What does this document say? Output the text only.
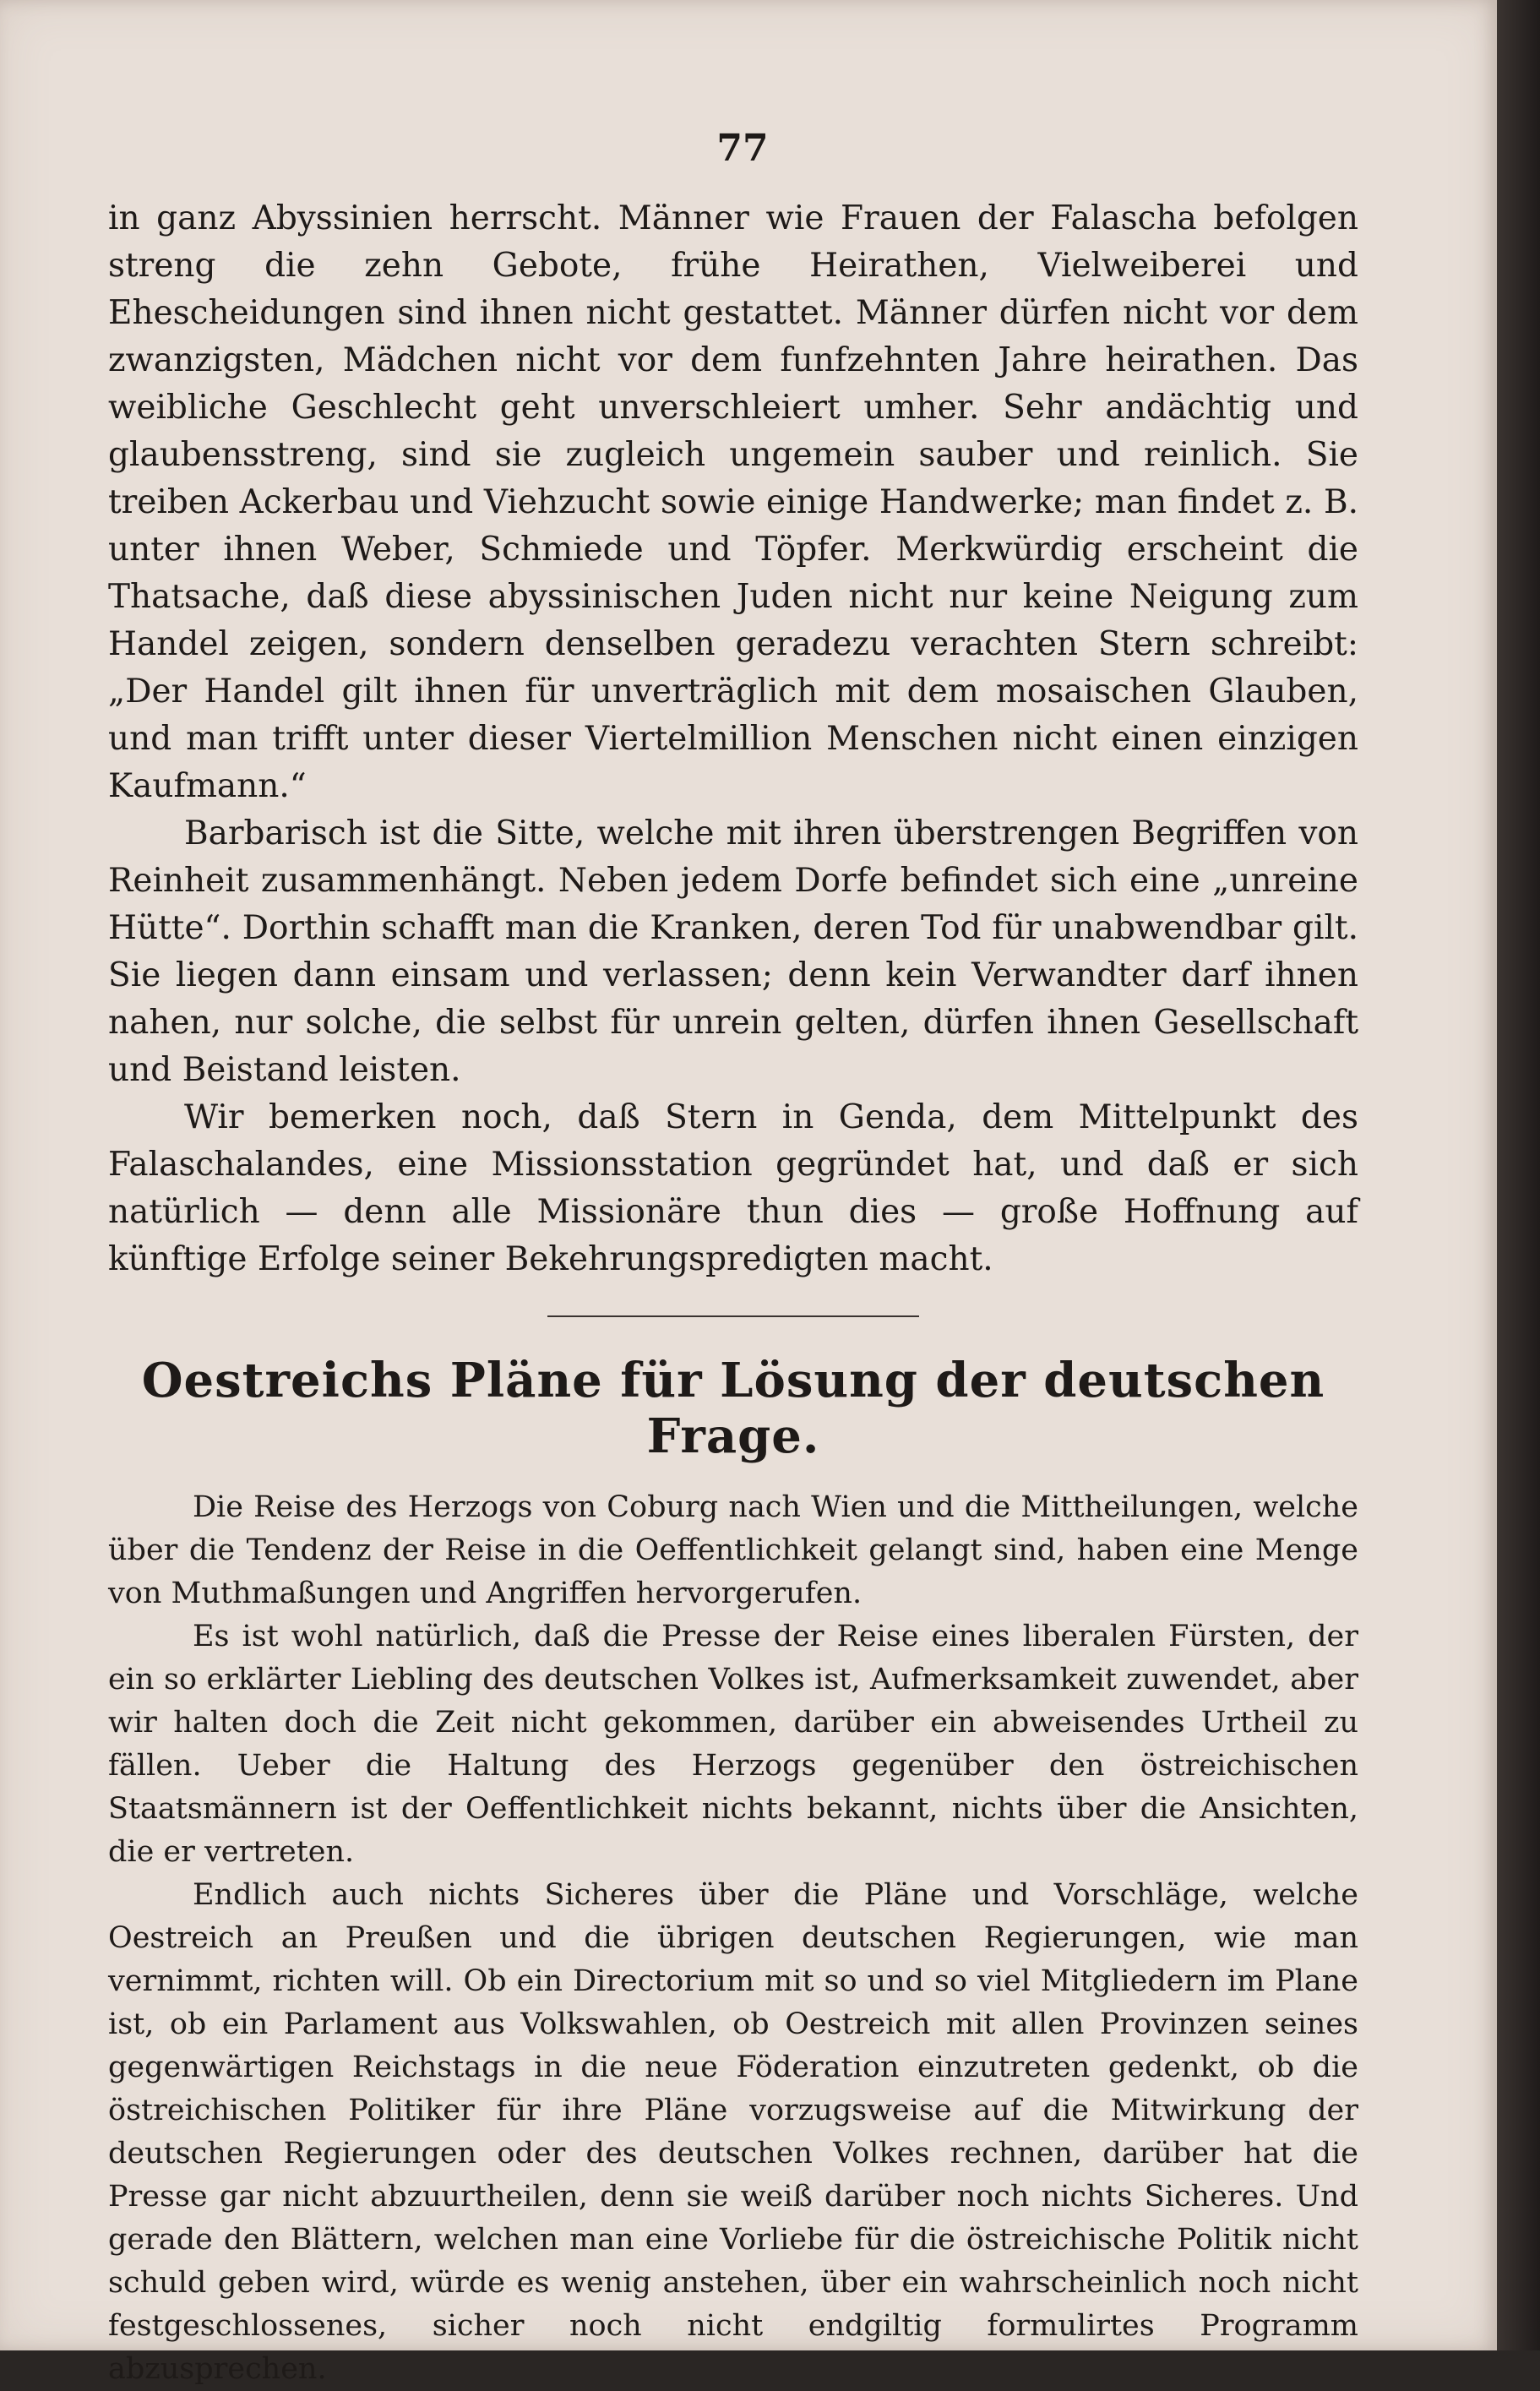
77

in ganz Abyssinien herrscht. Männer wie Frauen der Falascha befolgen streng die zehn Gebote, frühe Heirathen, Vielweiberei und Ehescheidungen sind ihnen nicht gestattet. Männer dürfen nicht vor dem zwanzigsten, Mädchen nicht vor dem funfzehnten Jahre heirathen. Das weibliche Geschlecht geht unverschleiert umher. Sehr andächtig und glaubensstreng, sind sie zugleich ungemein sauber und reinlich. Sie treiben Ackerbau und Viehzucht sowie einige Handwerke; man findet z. B. unter ihnen Weber, Schmiede und Töpfer. Merkwürdig erscheint die Thatsache, daß diese abyssinischen Juden nicht nur keine Neigung zum Handel zeigen, sondern denselben geradezu verachten Stern schreibt: „Der Handel gilt ihnen für unverträglich mit dem mosaischen Glauben, und man trifft unter dieser Viertelmillion Menschen nicht einen einzigen Kaufmann.“

Barbarisch ist die Sitte, welche mit ihren überstrengen Begriffen von Reinheit zusammenhängt. Neben jedem Dorfe befindet sich eine „unreine Hütte“. Dorthin schafft man die Kranken, deren Tod für unabwendbar gilt. Sie liegen dann einsam und verlassen; denn kein Verwandter darf ihnen nahen, nur solche, die selbst für unrein gelten, dürfen ihnen Gesellschaft und Beistand leisten.

Wir bemerken noch, daß Stern in Genda, dem Mittelpunkt des Falaschalandes, eine Missionsstation gegründet hat, und daß er sich natürlich — denn alle Missionäre thun dies — große Hoffnung auf künftige Erfolge seiner Bekehrungspredigten macht.

Oestreichs Pläne für Lösung der deutschen Frage.

Die Reise des Herzogs von Coburg nach Wien und die Mittheilungen, welche über die Tendenz der Reise in die Oeffentlichkeit gelangt sind, haben eine Menge von Muthmaßungen und Angriffen hervorgerufen.

Es ist wohl natürlich, daß die Presse der Reise eines liberalen Fürsten, der ein so erklärter Liebling des deutschen Volkes ist, Aufmerksamkeit zuwendet, aber wir halten doch die Zeit nicht gekommen, darüber ein abweisendes Urtheil zu fällen. Ueber die Haltung des Herzogs gegenüber den östreichischen Staatsmännern ist der Oeffentlichkeit nichts bekannt, nichts über die Ansichten, die er vertreten.

Endlich auch nichts Sicheres über die Pläne und Vorschläge, welche Oestreich an Preußen und die übrigen deutschen Regierungen, wie man vernimmt, richten will. Ob ein Directorium mit so und so viel Mitgliedern im Plane ist, ob ein Parlament aus Volkswahlen, ob Oestreich mit allen Provinzen seines gegenwärtigen Reichstags in die neue Föderation einzutreten gedenkt, ob die östreichischen Politiker für ihre Pläne vorzugsweise auf die Mitwirkung der deutschen Regierungen oder des deutschen Volkes rechnen, darüber hat die Presse gar nicht abzuurtheilen, denn sie weiß darüber noch nichts Sicheres. Und gerade den Blättern, welchen man eine Vorliebe für die östreichische Politik nicht schuld geben wird, würde es wenig anstehen, über ein wahrscheinlich noch nicht festgeschlossenes, sicher noch nicht endgiltig formulirtes Programm abzusprechen.
